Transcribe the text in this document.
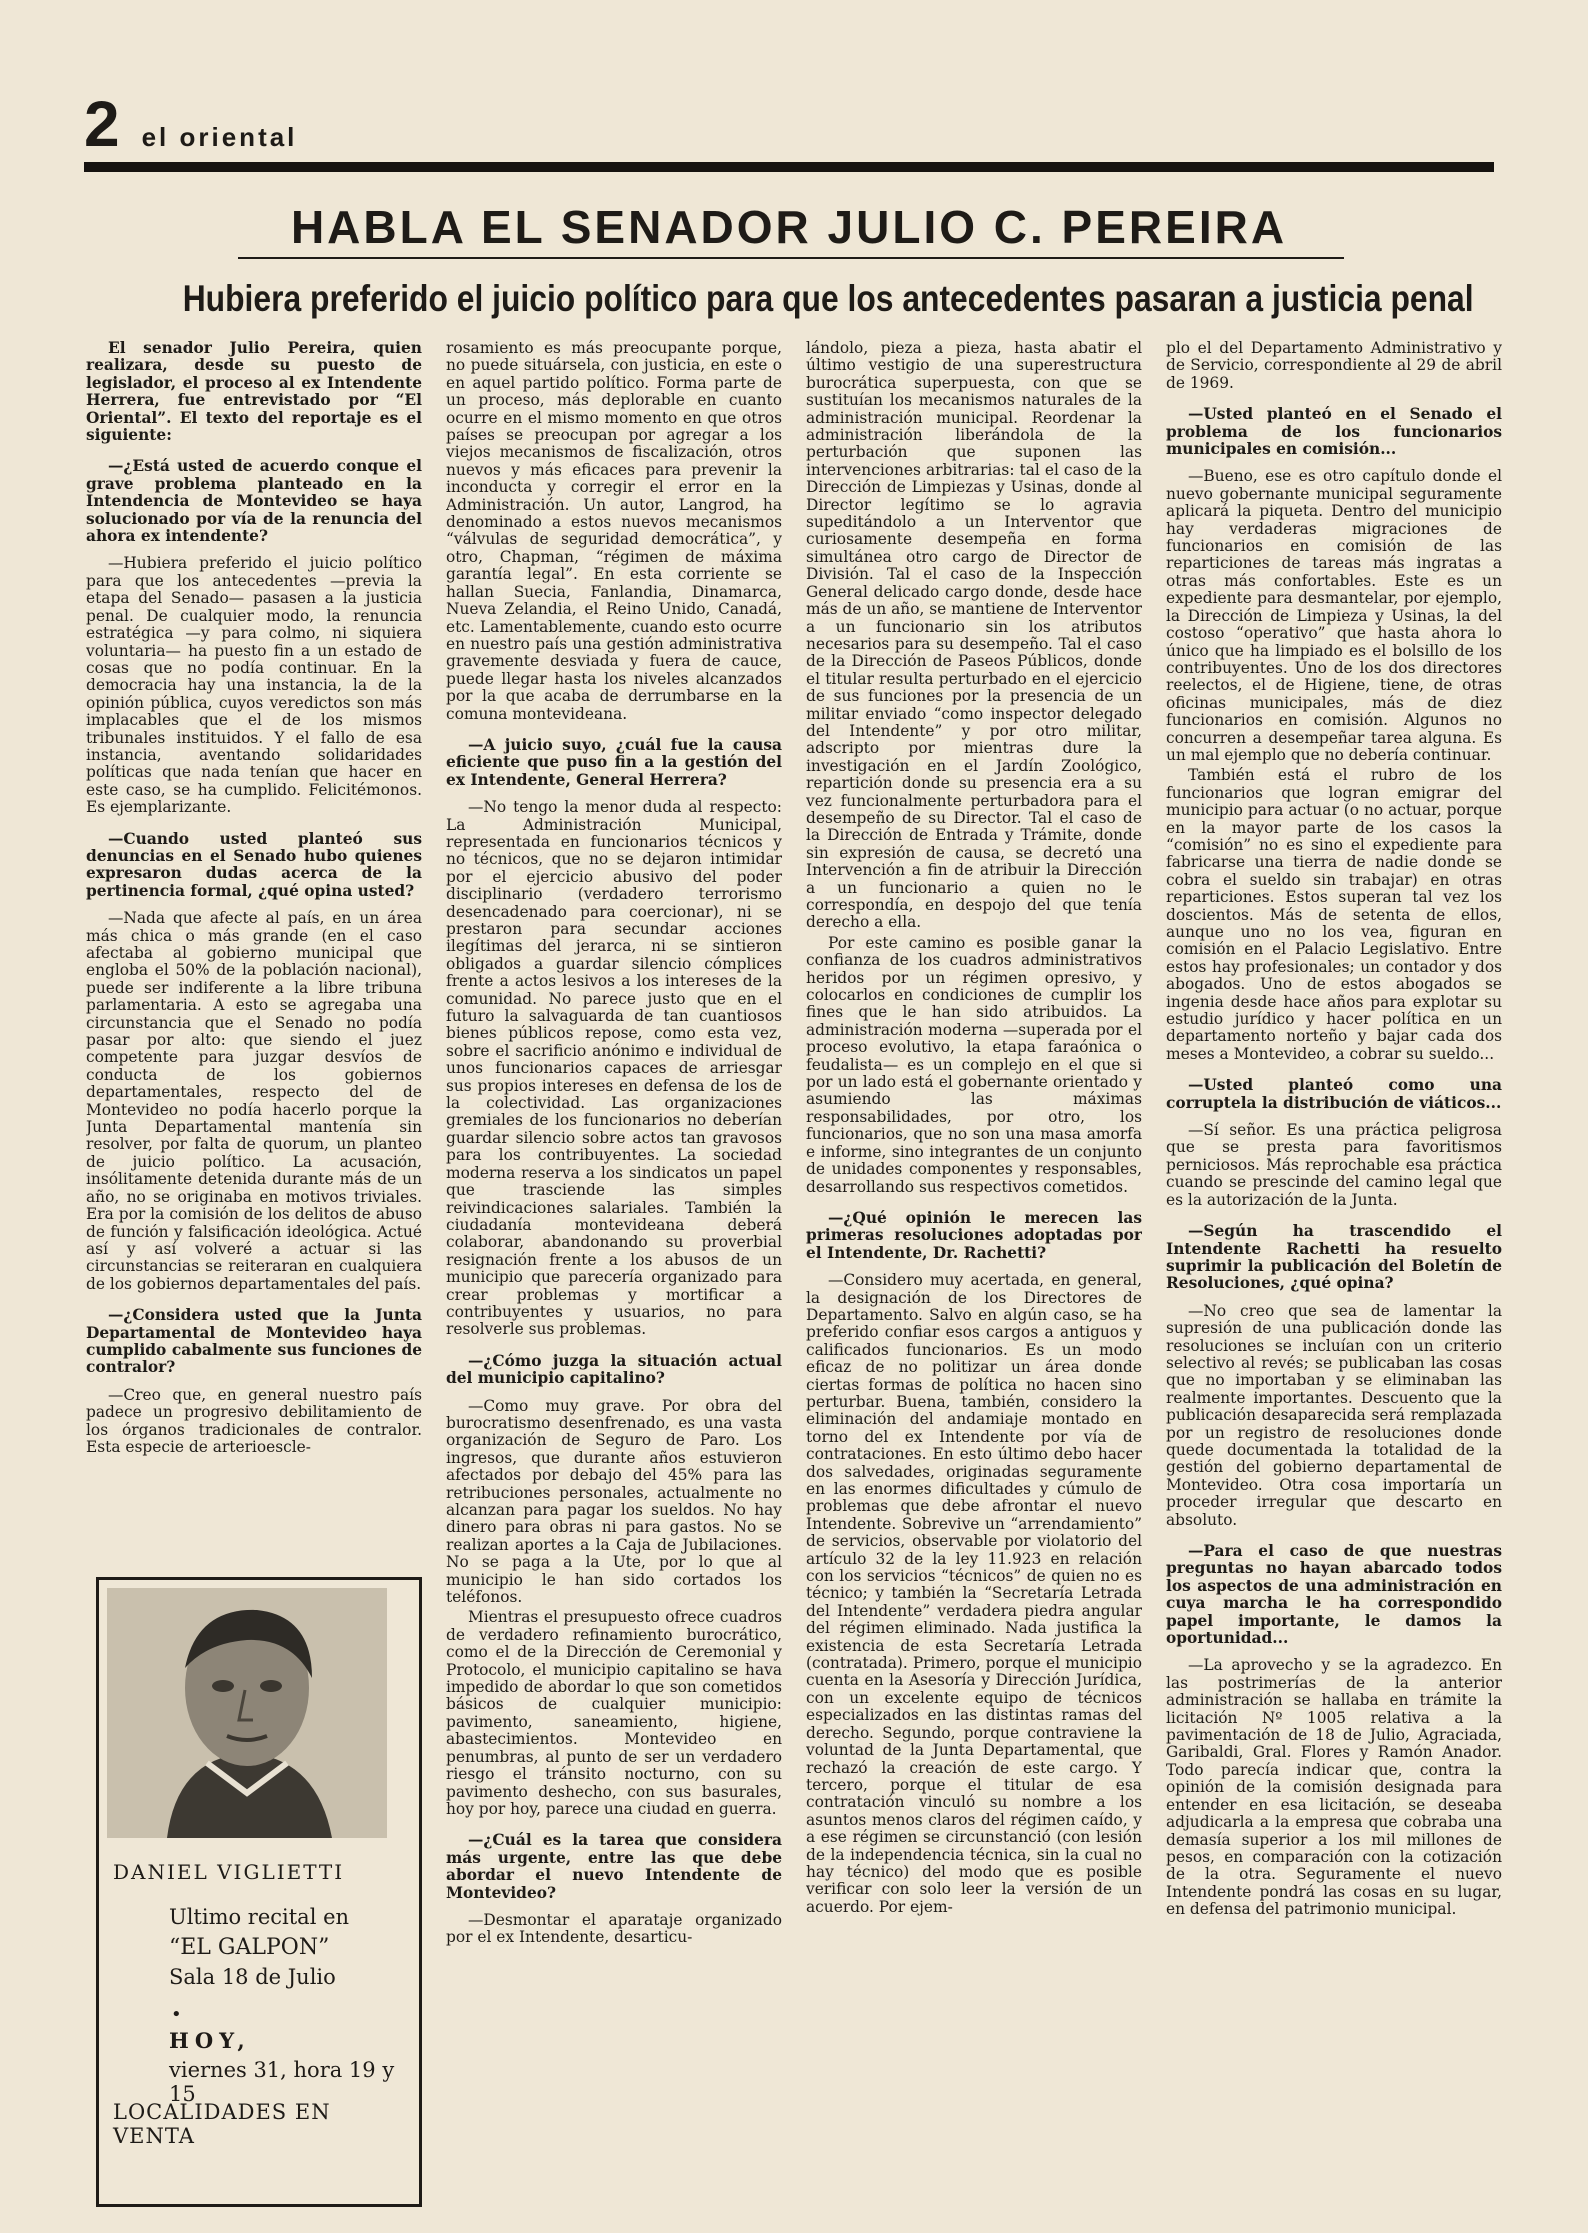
2 el oriental
HABLA EL SENADOR JULIO C. PEREIRA
Hubiera preferido el juicio político para que los antecedentes pasaran a justicia penal

El senador Julio Pereira, quien realizara, desde su puesto de legislador, el proceso al ex Intendente Herrera, fue entrevistado por “El Oriental”. El texto del reportaje es el siguiente:

—¿Está usted de acuerdo conque el grave problema planteado en la Intendencia de Montevideo se haya solucionado por vía de la renuncia del ahora ex intendente?

—Hubiera preferido el juicio político para que los antecedentes —previa la etapa del Senado— pasasen a la justicia penal. De cualquier modo, la renuncia estratégica —y para colmo, ni siquiera voluntaria— ha puesto fin a un estado de cosas que no podía continuar. En la democracia hay una instancia, la de la opinión pública, cuyos veredictos son más implacables que el de los mismos tribunales instituidos. Y el fallo de esa instancia, aventando solidaridades políticas que nada tenían que hacer en este caso, se ha cumplido. Felicitémonos. Es ejemplarizante.

—Cuando usted planteó sus denuncias en el Senado hubo quienes expresaron dudas acerca de la pertinencia formal, ¿qué opina usted?

—Nada que afecte al país, en un área más chica o más grande (en el caso afectaba al gobierno municipal que engloba el 50% de la población nacional), puede ser indiferente a la libre tribuna parlamentaria. A esto se agregaba una circunstancia que el Senado no podía pasar por alto: que siendo el juez competente para juzgar desvíos de conducta de los gobiernos departamentales, respecto del de Montevideo no podía hacerlo porque la Junta Departamental mantenía sin resolver, por falta de quorum, un planteo de juicio político. La acusación, insólitamente detenida durante más de un año, no se originaba en motivos triviales. Era por la comisión de los delitos de abuso de función y falsificación ideológica. Actué así y así volveré a actuar si las circunstancias se reiteraran en cualquiera de los gobiernos departamentales del país.

—¿Considera usted que la Junta Departamental de Montevideo haya cumplido cabalmente sus funciones de contralor?

—Creo que, en general nuestro país padece un progresivo debilitamiento de los órganos tradicionales de contralor. Esta especie de arterioescle-

rosamiento es más preocupante porque, no puede situársela, con justicia, en este o en aquel partido político. Forma parte de un proceso, más deplorable en cuanto ocurre en el mismo momento en que otros países se preocupan por agregar a los viejos mecanismos de fiscalización, otros nuevos y más eficaces para prevenir la inconducta y corregir el error en la Administración. Un autor, Langrod, ha denominado a estos nuevos mecanismos “válvulas de seguridad democrática”, y otro, Chapman, “régimen de máxima garantía legal”. En esta corriente se hallan Suecia, Fanlandia, Dinamarca, Nueva Zelandia, el Reino Unido, Canadá, etc. Lamentablemente, cuando esto ocurre en nuestro país una gestión administrativa gravemente desviada y fuera de cauce, puede llegar hasta los niveles alcanzados por la que acaba de derrumbarse en la comuna montevideana.

—A juicio suyo, ¿cuál fue la causa eficiente que puso fin a la gestión del ex Intendente, General Herrera?

—No tengo la menor duda al respecto: La Administración Municipal, representada en funcionarios técnicos y no técnicos, que no se dejaron intimidar por el ejercicio abusivo del poder disciplinario (verdadero terrorismo desencadenado para coercionar), ni se prestaron para secundar acciones ilegítimas del jerarca, ni se sintieron obligados a guardar silencio cómplices frente a actos lesivos a los intereses de la comunidad. No parece justo que en el futuro la salvaguarda de tan cuantiosos bienes públicos repose, como esta vez, sobre el sacrificio anónimo e individual de unos funcionarios capaces de arriesgar sus propios intereses en defensa de los de la colectividad. Las organizaciones gremiales de los funcionarios no deberían guardar silencio sobre actos tan gravosos para los contribuyentes. La sociedad moderna reserva a los sindicatos un papel que trasciende las simples reivindicaciones salariales. También la ciudadanía montevideana deberá colaborar, abandonando su proverbial resignación frente a los abusos de un municipio que parecería organizado para crear problemas y mortificar a contribuyentes y usuarios, no para resolverle sus problemas.

—¿Cómo juzga la situación actual del municipio capitalino?

—Como muy grave. Por obra del burocratismo desenfrenado, es una vasta organización de Seguro de Paro. Los ingresos, que durante años estuvieron afectados por debajo del 45% para las retribuciones personales, actualmente no alcanzan para pagar los sueldos. No hay dinero para obras ni para gastos. No se realizan aportes a la Caja de Jubilaciones. No se paga a la Ute, por lo que al municipio le han sido cortados los teléfonos.

Mientras el presupuesto ofrece cuadros de verdadero refinamiento burocrático, como el de la Dirección de Ceremonial y Protocolo, el municipio capitalino se hava impedido de abordar lo que son cometidos básicos de cualquier municipio: pavimento, saneamiento, higiene, abastecimientos. Montevideo en penumbras, al punto de ser un verdadero riesgo el tránsito nocturno, con su pavimento deshecho, con sus basurales, hoy por hoy, parece una ciudad en guerra.

—¿Cuál es la tarea que considera más urgente, entre las que debe abordar el nuevo Intendente de Montevideo?

—Desmontar el aparataje organizado por el ex Intendente, desarticu-

lándolo, pieza a pieza, hasta abatir el último vestigio de una superestructura burocrática superpuesta, con que se sustituían los mecanismos naturales de la administración municipal. Reordenar la administración liberándola de la perturbación que suponen las intervenciones arbitrarias: tal el caso de la Dirección de Limpiezas y Usinas, donde al Director legítimo se lo agravia supeditándolo a un Interventor que curiosamente desempeña en forma simultánea otro cargo de Director de División. Tal el caso de la Inspección General delicado cargo donde, desde hace más de un año, se mantiene de Interventor a un funcionario sin los atributos necesarios para su desempeño. Tal el caso de la Dirección de Paseos Públicos, donde el titular resulta perturbado en el ejercicio de sus funciones por la presencia de un militar enviado “como inspector delegado del Intendente” y por otro militar, adscripto por mientras dure la investigación en el Jardín Zoológico, repartición donde su presencia era a su vez funcionalmente perturbadora para el desempeño de su Director. Tal el caso de la Dirección de Entrada y Trámite, donde sin expresión de causa, se decretó una Intervención a fin de atribuir la Dirección a un funcionario a quien no le correspondía, en despojo del que tenía derecho a ella.

Por este camino es posible ganar la confianza de los cuadros administrativos heridos por un régimen opresivo, y colocarlos en condiciones de cumplir los fines que le han sido atribuidos. La administración moderna —superada por el proceso evolutivo, la etapa faraónica o feudalista— es un complejo en el que si por un lado está el gobernante orientado y asumiendo las máximas responsabilidades, por otro, los funcionarios, que no son una masa amorfa e informe, sino integrantes de un conjunto de unidades componentes y responsables, desarrollando sus respectivos cometidos.

—¿Qué opinión le merecen las primeras resoluciones adoptadas por el Intendente, Dr. Rachetti?

—Considero muy acertada, en general, la designación de los Directores de Departamento. Salvo en algún caso, se ha preferido confiar esos cargos a antiguos y calificados funcionarios. Es un modo eficaz de no politizar un área donde ciertas formas de política no hacen sino perturbar. Buena, también, considero la eliminación del andamiaje montado en torno del ex Intendente por vía de contrataciones. En esto último debo hacer dos salvedades, originadas seguramente en las enormes dificultades y cúmulo de problemas que debe afrontar el nuevo Intendente. Sobrevive un “arrendamiento” de servicios, observable por violatorio del artículo 32 de la ley 11.923 en relación con los servicios “técnicos” de quien no es técnico; y también la “Secretaría Letrada del Intendente” verdadera piedra angular del régimen eliminado. Nada justifica la existencia de esta Secretaría Letrada (contratada). Primero, porque el municipio cuenta en la Asesoría y Dirección Jurídica, con un excelente equipo de técnicos especializados en las distintas ramas del derecho. Segundo, porque contraviene la voluntad de la Junta Departamental, que rechazó la creación de este cargo. Y tercero, porque el titular de esa contratación vinculó su nombre a los asuntos menos claros del régimen caído, y a ese régimen se circunstanció (con lesión de la independencia técnica, sin la cual no hay técnico) del modo que es posible verificar con solo leer la versión de un acuerdo. Por ejem-

plo el del Departamento Administrativo y de Servicio, correspondiente al 29 de abril de 1969.

—Usted planteó en el Senado el problema de los funcionarios municipales en comisión...

—Bueno, ese es otro capítulo donde el nuevo gobernante municipal seguramente aplicará la piqueta. Dentro del municipio hay verdaderas migraciones de funcionarios en comisión de las reparticiones de tareas más ingratas a otras más confortables. Este es un expediente para desmantelar, por ejemplo, la Dirección de Limpieza y Usinas, la del costoso “operativo” que hasta ahora lo único que ha limpiado es el bolsillo de los contribuyentes. Uno de los dos directores reelectos, el de Higiene, tiene, de otras oficinas municipales, más de diez funcionarios en comisión. Algunos no concurren a desempeñar tarea alguna. Es un mal ejemplo que no debería continuar.

También está el rubro de los funcionarios que logran emigrar del municipio para actuar (o no actuar, porque en la mayor parte de los casos la “comisión” no es sino el expediente para fabricarse una tierra de nadie donde se cobra el sueldo sin trabajar) en otras reparticiones. Estos superan tal vez los doscientos. Más de setenta de ellos, aunque uno no los vea, figuran en comisión en el Palacio Legislativo. Entre estos hay profesionales; un contador y dos abogados. Uno de estos abogados se ingenia desde hace años para explotar su estudio jurídico y hacer política en un departamento norteño y bajar cada dos meses a Montevideo, a cobrar su sueldo...

—Usted planteó como una corruptela la distribución de viáticos...

—Sí señor. Es una práctica peligrosa que se presta para favoritismos perniciosos. Más reprochable esa práctica cuando se prescinde del camino legal que es la autorización de la Junta.

—Según ha trascendido el Intendente Rachetti ha resuelto suprimir la publicación del Boletín de Resoluciones, ¿qué opina?

—No creo que sea de lamentar la supresión de una publicación donde las resoluciones se incluían con un criterio selectivo al revés; se publicaban las cosas que no importaban y se eliminaban las realmente importantes. Descuento que la publicación desaparecida será remplazada por un registro de resoluciones donde quede documentada la totalidad de la gestión del gobierno departamental de Montevideo. Otra cosa importaría un proceder irregular que descarto en absoluto.

—Para el caso de que nuestras preguntas no hayan abarcado todos los aspectos de una administración en cuya marcha le ha correspondido papel importante, le damos la oportunidad...

—La aprovecho y se la agradezco. En las postrimerías de la anterior administración se hallaba en trámite la licitación Nº 1005 relativa a la pavimentación de 18 de Julio, Agraciada, Garibaldi, Gral. Flores y Ramón Anador. Todo parecía indicar que, contra la opinión de la comisión designada para entender en esa licitación, se deseaba adjudicarla a la empresa que cobraba una demasía superior a los mil millones de pesos, en comparación con la cotización de la otra. Seguramente el nuevo Intendente pondrá las cosas en su lugar, en defensa del patrimonio municipal.

DANIEL VIGLIETTI
Ultimo recital en
“EL GALPON”
Sala 18 de Julio
•
HOY,
viernes 31, hora 19 y 15
LOCALIDADES EN VENTA
